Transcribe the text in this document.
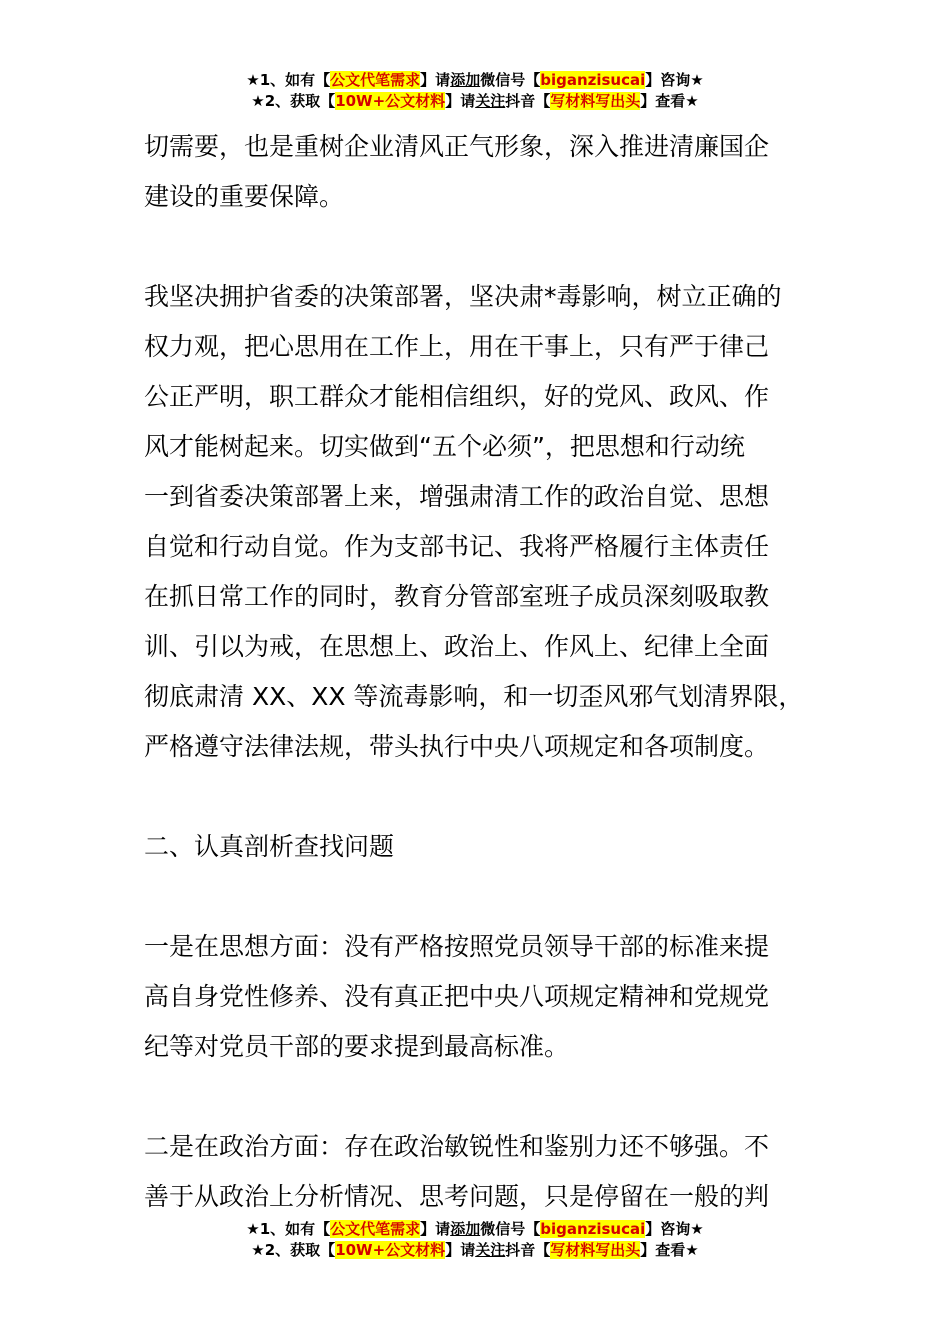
★1、如有【公文代笔需求】请添加微信号【biganzisucai】咨询★
★2、获取【10W+公文材料】请关注抖音【写材料写出头】查看★

切需要，也是重树企业清风正气形象，深入推进清廉国企

建设的重要保障。

我坚决拥护省委的决策部署，坚决肃*毒影响，树立正确的

权力观，把心思用在工作上，用在干事上，只有严于律己

公正严明，职工群众才能相信组织，好的党风、政风、作

风才能树起来。切实做到“五个必须”，把思想和行动统

一到省委决策部署上来，增强肃清工作的政治自觉、思想

自觉和行动自觉。作为支部书记、我将严格履行主体责任

在抓日常工作的同时，教育分管部室班子成员深刻吸取教

训、引以为戒，在思想上、政治上、作风上、纪律上全面

彻底肃清 XX、XX 等流毒影响，和一切歪风邪气划清界限，

严格遵守法律法规，带头执行中央八项规定和各项制度。

二、认真剖析查找问题

一是在思想方面：没有严格按照党员领导干部的标准来提

高自身党性修养、没有真正把中央八项规定精神和党规党

纪等对党员干部的要求提到最高标准。

二是在政治方面：存在政治敏锐性和鉴别力还不够强。不

善于从政治上分析情况、思考问题，只是停留在一般的判

★1、如有【公文代笔需求】请添加微信号【biganzisucai】咨询★
★2、获取【10W+公文材料】请关注抖音【写材料写出头】查看★
